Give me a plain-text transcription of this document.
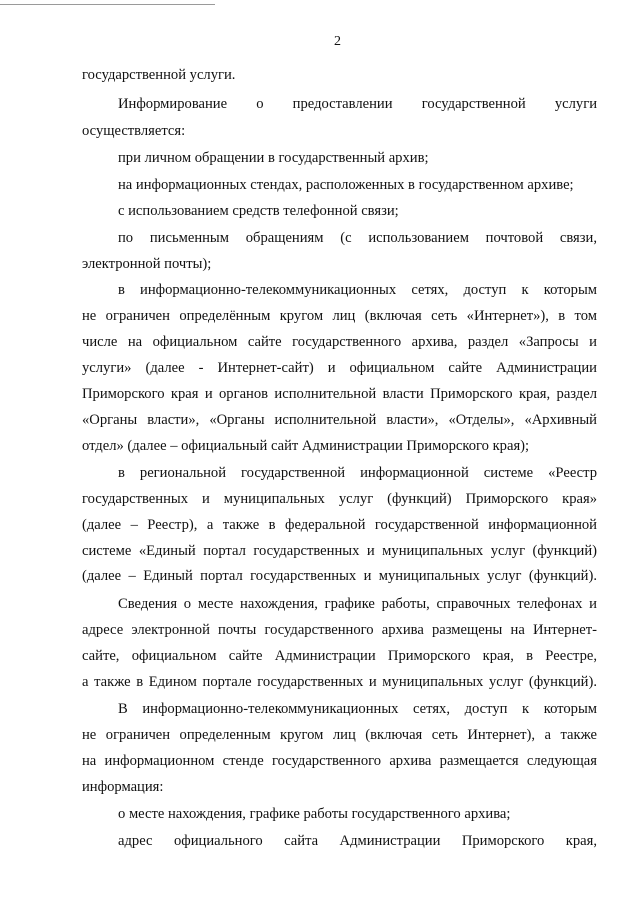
2
государственной услуги.
Информирование о предоставлении государственной услуги
осуществляется:
при личном обращении в государственный архив;
на информационных стендах, расположенных в государственном архиве;
с использованием средств телефонной связи;
по письменным обращениям (с использованием почтовой связи,
электронной почты);
в информационно-телекоммуникационных сетях, доступ к которым
не ограничен определённым кругом лиц (включая сеть «Интернет»), в том
числе на официальном сайте государственного архива, раздел «Запросы и
услуги» (далее - Интернет-сайт) и официальном сайте Администрации
Приморского края и органов исполнительной власти Приморского края, раздел
«Органы власти», «Органы исполнительной власти», «Отделы», «Архивный
отдел» (далее – официальный сайт Администрации Приморского края);
в региональной государственной информационной системе «Реестр
государственных и муниципальных услуг (функций) Приморского края»
(далее – Реестр), а также в федеральной государственной информационной
системе «Единый портал государственных и муниципальных услуг (функций)
(далее – Единый портал государственных и муниципальных услуг (функций).
Сведения о месте нахождения, графике работы, справочных телефонах и
адресе электронной почты государственного архива размещены на Интернет-
сайте, официальном сайте Администрации Приморского края, в Реестре,
а также в Едином портале государственных и муниципальных услуг (функций).
В информационно-телекоммуникационных сетях, доступ к которым
не ограничен определенным кругом лиц (включая сеть Интернет), а также
на информационном стенде государственного архива размещается следующая
информация:
о месте нахождения, графике работы государственного архива;
адрес официального сайта Администрации Приморского края,
